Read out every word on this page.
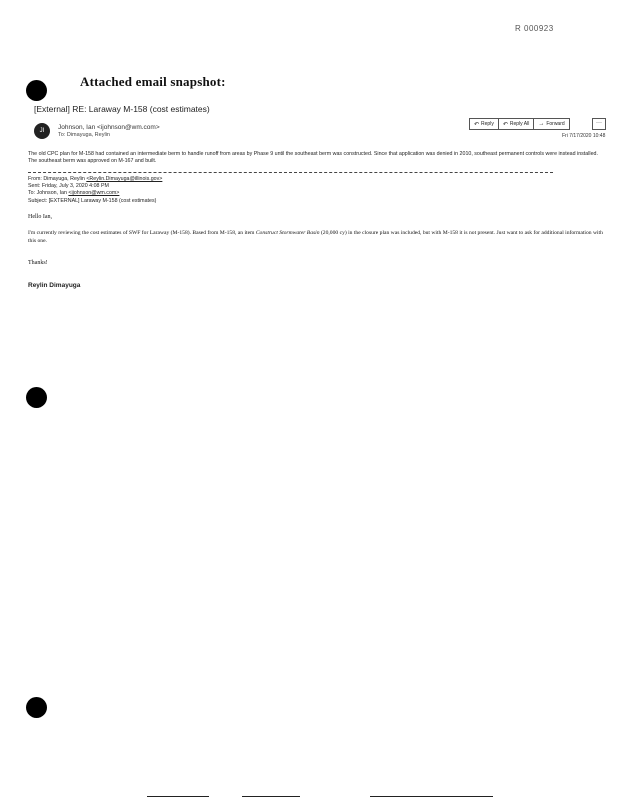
R 000923
Attached email snapshot:
[External] RE: Laraway M-158 (cost estimates)
JI	Johnson, Ian <ijohnson@wm.com>
To: Dimayuga, Reylin
↶ Reply ↶ Reply All → Forward	···
Fri 7/17/2020 10:48
The old CPC plan for M-158 had contained an intermediate berm to handle runoff from areas by Phase 9 until the southeast berm was constructed. Since that application was denied in 2010, southeast permanent controls were instead installed. The southeast berm was approved on M-167 and built.
From: Dimayuga, Reylin <Reylin.Dimayuga@illinois.gov>
Sent: Friday, July 3, 2020 4:08 PM
To: Johnson, Ian <ijohnson@wm.com>
Subject: [EXTERNAL] Laraway M-158 (cost estimates)
Hello Ian,
I'm currently reviewing the cost estimates of SWF for Laraway (M-158). Based from M-158, an item Construct Stormwater Basin (20,000 cy) in the closure plan was included, but with M-158 it is not present. Just want to ask for additional information with this one.
Thanks!
Reylin Dimayuga
